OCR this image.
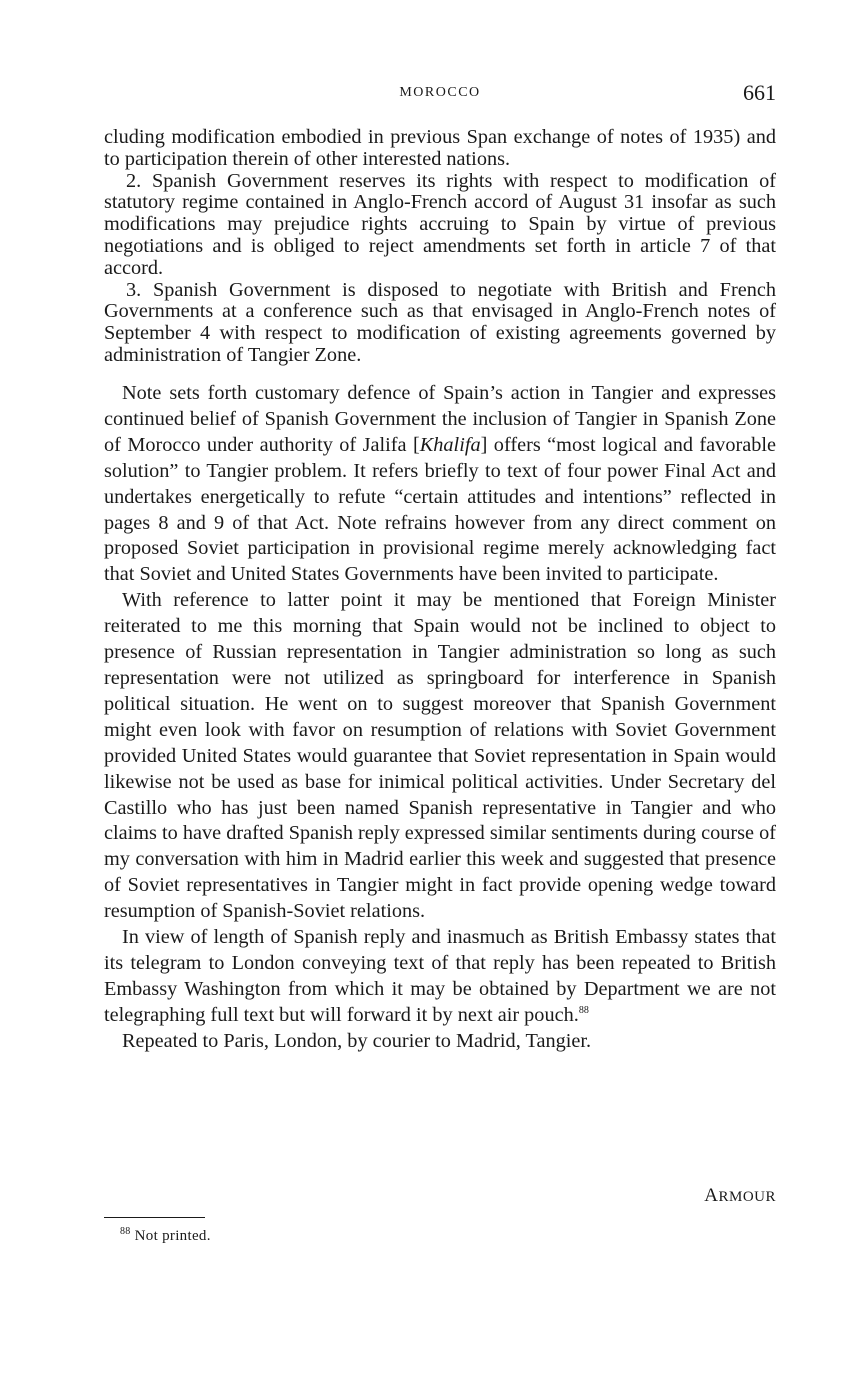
MOROCCO	661

cluding modification embodied in previous Span exchange of notes of 1935) and to participation therein of other interested nations.

2. Spanish Government reserves its rights with respect to modification of statutory regime contained in Anglo-French accord of August 31 insofar as such modifications may prejudice rights accruing to Spain by virtue of previous negotiations and is obliged to reject amendments set forth in article 7 of that accord.

3. Spanish Government is disposed to negotiate with British and French Governments at a conference such as that envisaged in Anglo-French notes of September 4 with respect to modification of existing agreements governed by administration of Tangier Zone.

Note sets forth customary defence of Spain’s action in Tangier and expresses continued belief of Spanish Government the inclusion of Tangier in Spanish Zone of Morocco under authority of Jalifa [Khalifa] offers “most logical and favorable solution” to Tangier problem. It refers briefly to text of four power Final Act and undertakes energetically to refute “certain attitudes and intentions” reflected in pages 8 and 9 of that Act. Note refrains however from any direct comment on proposed Soviet participation in provisional regime merely acknowledging fact that Soviet and United States Governments have been invited to participate.

With reference to latter point it may be mentioned that Foreign Minister reiterated to me this morning that Spain would not be inclined to object to presence of Russian representation in Tangier administration so long as such representation were not utilized as springboard for interference in Spanish political situation. He went on to suggest moreover that Spanish Government might even look with favor on resumption of relations with Soviet Government provided United States would guarantee that Soviet representation in Spain would likewise not be used as base for inimical political activities. Under Secretary del Castillo who has just been named Spanish representative in Tangier and who claims to have drafted Spanish reply expressed similar sentiments during course of my conversation with him in Madrid earlier this week and suggested that presence of Soviet representatives in Tangier might in fact provide opening wedge toward resumption of Spanish-Soviet relations.

In view of length of Spanish reply and inasmuch as British Embassy states that its telegram to London conveying text of that reply has been repeated to British Embassy Washington from which it may be obtained by Department we are not telegraphing full text but will forward it by next air pouch.$^{88}$

Repeated to Paris, London, by courier to Madrid, Tangier.

ARMOUR
$^{88}$ Not printed.
